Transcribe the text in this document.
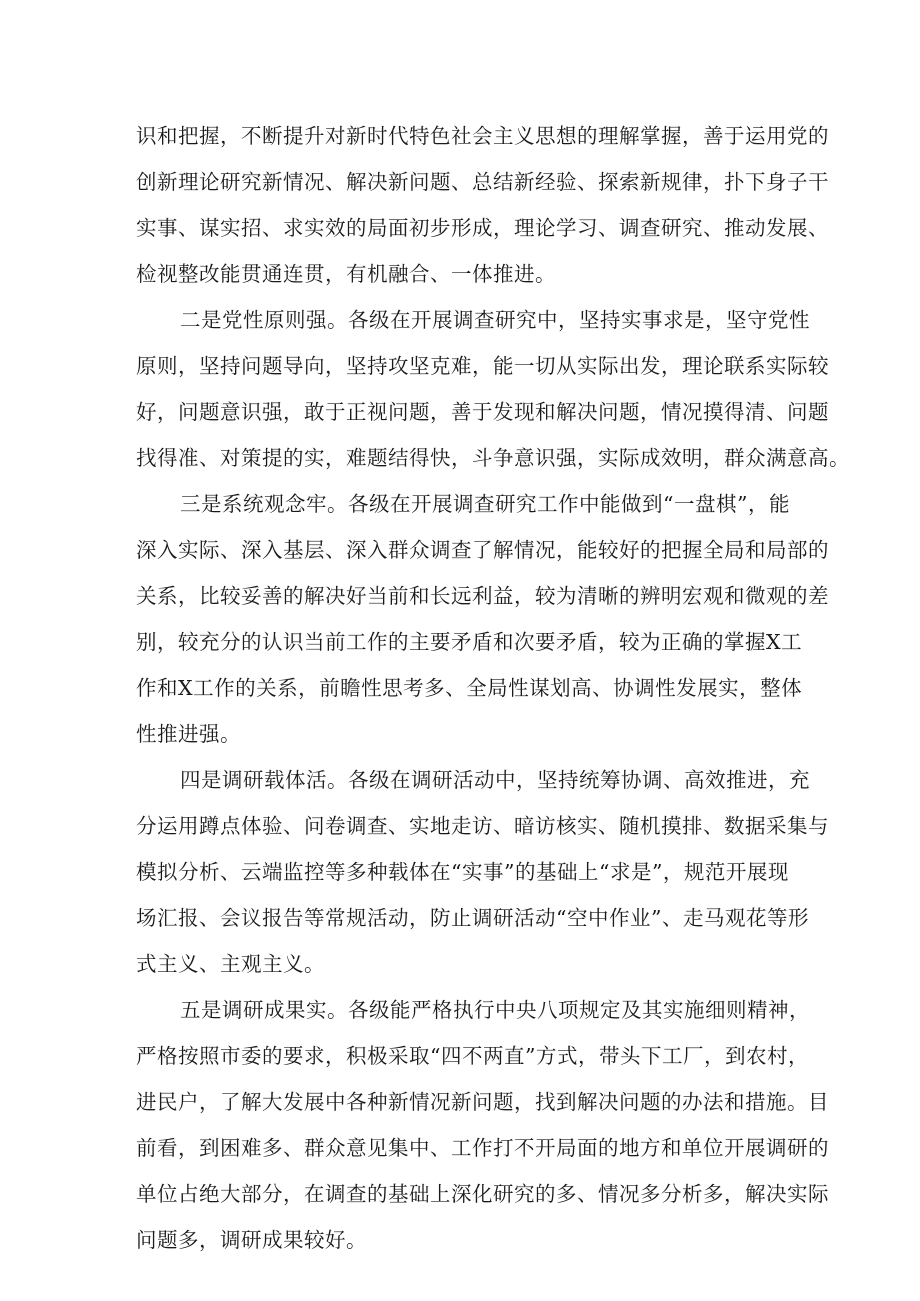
识和把握，不断提升对新时代特色社会主义思想的理解掌握，善于运用党的
创新理论研究新情况、解决新问题、总结新经验、探索新规律，扑下身子干
实事、谋实招、求实效的局面初步形成，理论学习、调查研究、推动发展、
检视整改能贯通连贯，有机融合、一体推进。
二是党性原则强。各级在开展调查研究中，坚持实事求是，坚守党性
原则，坚持问题导向，坚持攻坚克难，能一切从实际出发，理论联系实际较
好，问题意识强，敢于正视问题，善于发现和解决问题，情况摸得清、问题
找得准、对策提的实，难题结得快，斗争意识强，实际成效明，群众满意高。
三是系统观念牢。各级在开展调查研究工作中能做到“一盘棋”，能
深入实际、深入基层、深入群众调查了解情况，能较好的把握全局和局部的
关系，比较妥善的解决好当前和长远利益，较为清晰的辨明宏观和微观的差
别，较充分的认识当前工作的主要矛盾和次要矛盾，较为正确的掌握X工
作和X工作的关系，前瞻性思考多、全局性谋划高、协调性发展实，整体
性推进强。
四是调研载体活。各级在调研活动中，坚持统筹协调、高效推进，充
分运用蹲点体验、问卷调查、实地走访、暗访核实、随机摸排、数据采集与
模拟分析、云端监控等多种载体在“实事”的基础上“求是”，规范开展现
场汇报、会议报告等常规活动，防止调研活动“空中作业”、走马观花等形
式主义、主观主义。
五是调研成果实。各级能严格执行中央八项规定及其实施细则精神，
严格按照市委的要求，积极采取“四不两直”方式，带头下工厂，到农村，
进民户，了解大发展中各种新情况新问题，找到解决问题的办法和措施。目
前看，到困难多、群众意见集中、工作打不开局面的地方和单位开展调研的
单位占绝大部分，在调查的基础上深化研究的多、情况多分析多，解决实际
问题多，调研成果较好。
